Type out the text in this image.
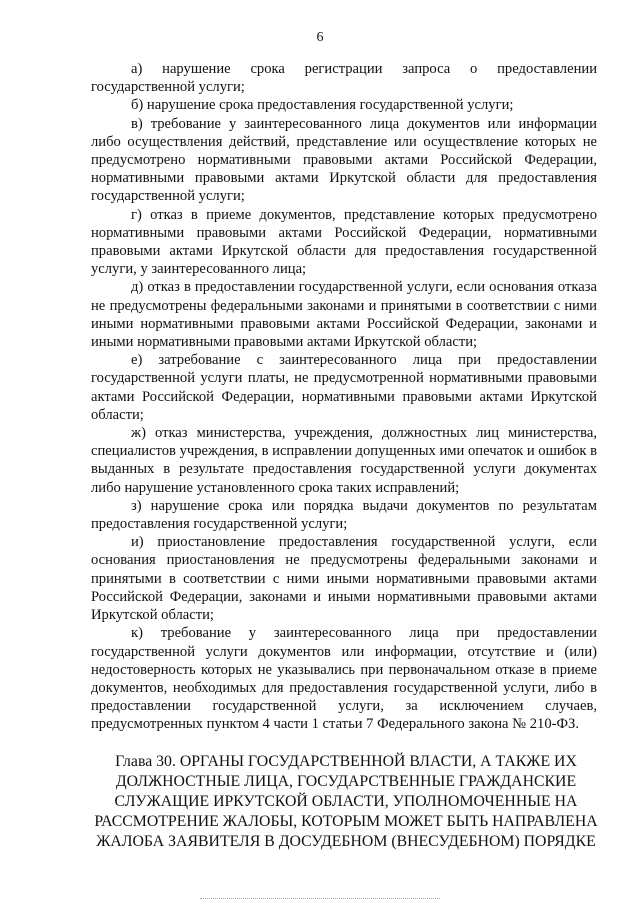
6

а) нарушение срока регистрации запроса о предоставлении государственной услуги;

б) нарушение срока предоставления государственной услуги;

в) требование у заинтересованного лица документов или информации либо осуществления действий, представление или осуществление которых не предусмотрено нормативными правовыми актами Российской Федерации, нормативными правовыми актами Иркутской области для предоставления государственной услуги;

г) отказ в приеме документов, представление которых предусмотрено нормативными правовыми актами Российской Федерации, нормативными правовыми актами Иркутской области для предоставления государственной услуги, у заинтересованного лица;

д) отказ в предоставлении государственной услуги, если основания отказа не предусмотрены федеральными законами и принятыми в соответствии с ними иными нормативными правовыми актами Российской Федерации, законами и иными нормативными правовыми актами Иркутской области;

е) затребование с заинтересованного лица при предоставлении государственной услуги платы, не предусмотренной нормативными правовыми актами Российской Федерации, нормативными правовыми актами Иркутской области;

ж) отказ министерства, учреждения, должностных лиц министерства, специалистов учреждения, в исправлении допущенных ими опечаток и ошибок в выданных в результате предоставления государственной услуги документах либо нарушение установленного срока таких исправлений;

з) нарушение срока или порядка выдачи документов по результатам предоставления государственной услуги;

и) приостановление предоставления государственной услуги, если основания приостановления не предусмотрены федеральными законами и принятыми в соответствии с ними иными нормативными правовыми актами Российской Федерации, законами и иными нормативными правовыми актами Иркутской области;

к) требование у заинтересованного лица при предоставлении государственной услуги документов или информации, отсутствие и (или) недостоверность которых не указывались при первоначальном отказе в приеме документов, необходимых для предоставления государственной услуги, либо в предоставлении государственной услуги, за исключением случаев, предусмотренных пунктом 4 части 1 статьи 7 Федерального закона № 210-ФЗ.

Глава 30. ОРГАНЫ ГОСУДАРСТВЕННОЙ ВЛАСТИ, А ТАКЖЕ ИХ
ДОЛЖНОСТНЫЕ ЛИЦА, ГОСУДАРСТВЕННЫЕ ГРАЖДАНСКИЕ
СЛУЖАЩИЕ ИРКУТСКОЙ ОБЛАСТИ, УПОЛНОМОЧЕННЫЕ НА
РАССМОТРЕНИЕ ЖАЛОБЫ, КОТОРЫМ МОЖЕТ БЫТЬ НАПРАВЛЕНА
ЖАЛОБА ЗАЯВИТЕЛЯ В ДОСУДЕБНОМ (ВНЕСУДЕБНОМ) ПОРЯДКЕ
